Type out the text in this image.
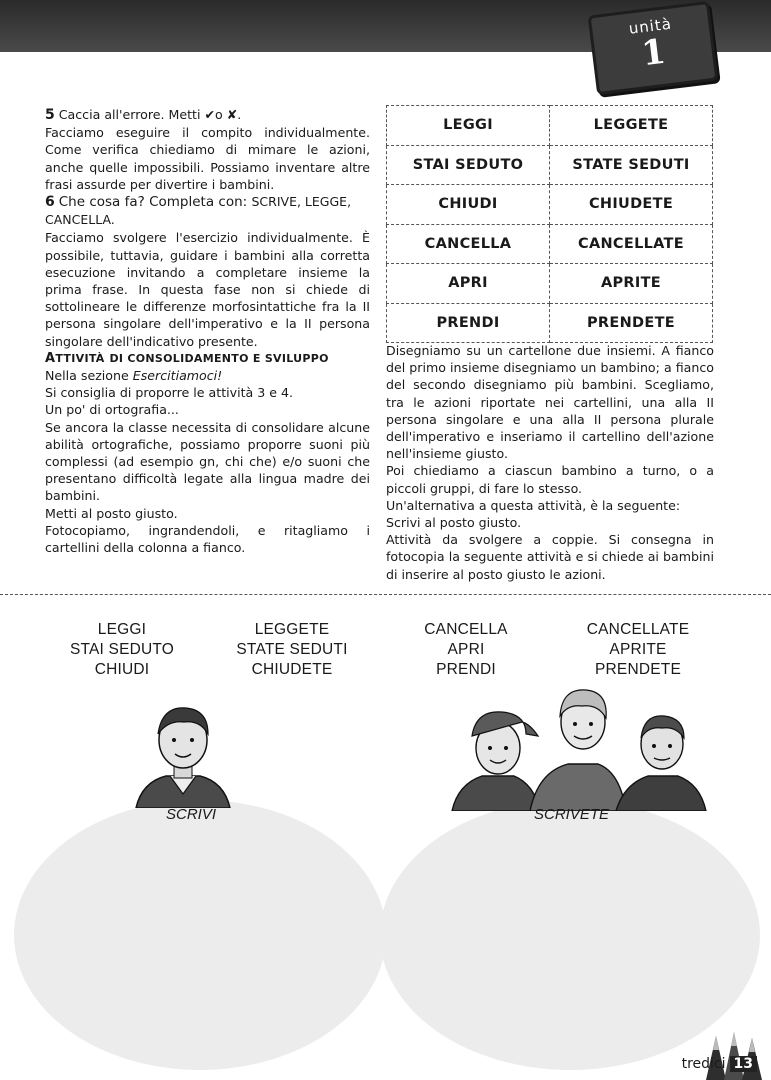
unità
1

5 Caccia all'errore. Metti ✔o ✘.

Facciamo eseguire il compito individualmente. Come verifica chiediamo di mimare le azioni, anche quelle impossibili. Possiamo inventare altre frasi assurde per divertire i bambini.

6 Che cosa fa? Completa con: SCRIVE, LEGGE, CANCELLA.

Facciamo svolgere l'esercizio individualmente. È possibile, tuttavia, guidare i bambini alla corretta esecuzione invitando a completare insieme la prima frase. In questa fase non si chiede di sottolineare le differenze morfosintattiche fra la II persona singolare dell'imperativo e la II persona singolare dell'indicativo presente.

ATTIVITÀ DI CONSOLIDAMENTO E SVILUPPO

Nella sezione Esercitiamoci!

Si consiglia di proporre le attività 3 e 4.

Un po' di ortografia...

Se ancora la classe necessita di consolidare alcune abilità ortografiche, possiamo proporre suoni più complessi (ad esempio gn, chi che) e/o suoni che presentano difficoltà legate alla lingua madre dei bambini.

Metti al posto giusto.

Fotocopiamo, ingrandendoli, e ritagliamo i cartellini della colonna a fianco.

LEGGI	LEGGETE
STAI SEDUTO	STATE SEDUTI
CHIUDI	CHIUDETE
CANCELLA	CANCELLATE
APRI	APRITE
PRENDI	PRENDETE

Disegniamo su un cartellone due insiemi. A fianco del primo insieme disegniamo un bambino; a fianco del secondo disegniamo più bambini. Scegliamo, tra le azioni riportate nei cartellini, una alla II persona singolare e una alla II persona plurale dell'imperativo e inseriamo il cartellino dell'azione nell'insieme giusto.

Poi chiediamo a ciascun bambino a turno, o a piccoli gruppi, di fare lo stesso.

Un'alternativa a questa attività, è la seguente:

Scrivi al posto giusto.

Attività da svolgere a coppie. Si consegna in fotocopia la seguente attività e si chiede ai bambini di inserire al posto giusto le azioni.

LEGGI
STAI SEDUTO
CHIUDI
LEGGETE
STATE SEDUTI
CHIUDETE
CANCELLA
APRI
PRENDI
CANCELLATE
APRITE
PRENDETE
SCRIVI	SCRIVETE
tredici 13
